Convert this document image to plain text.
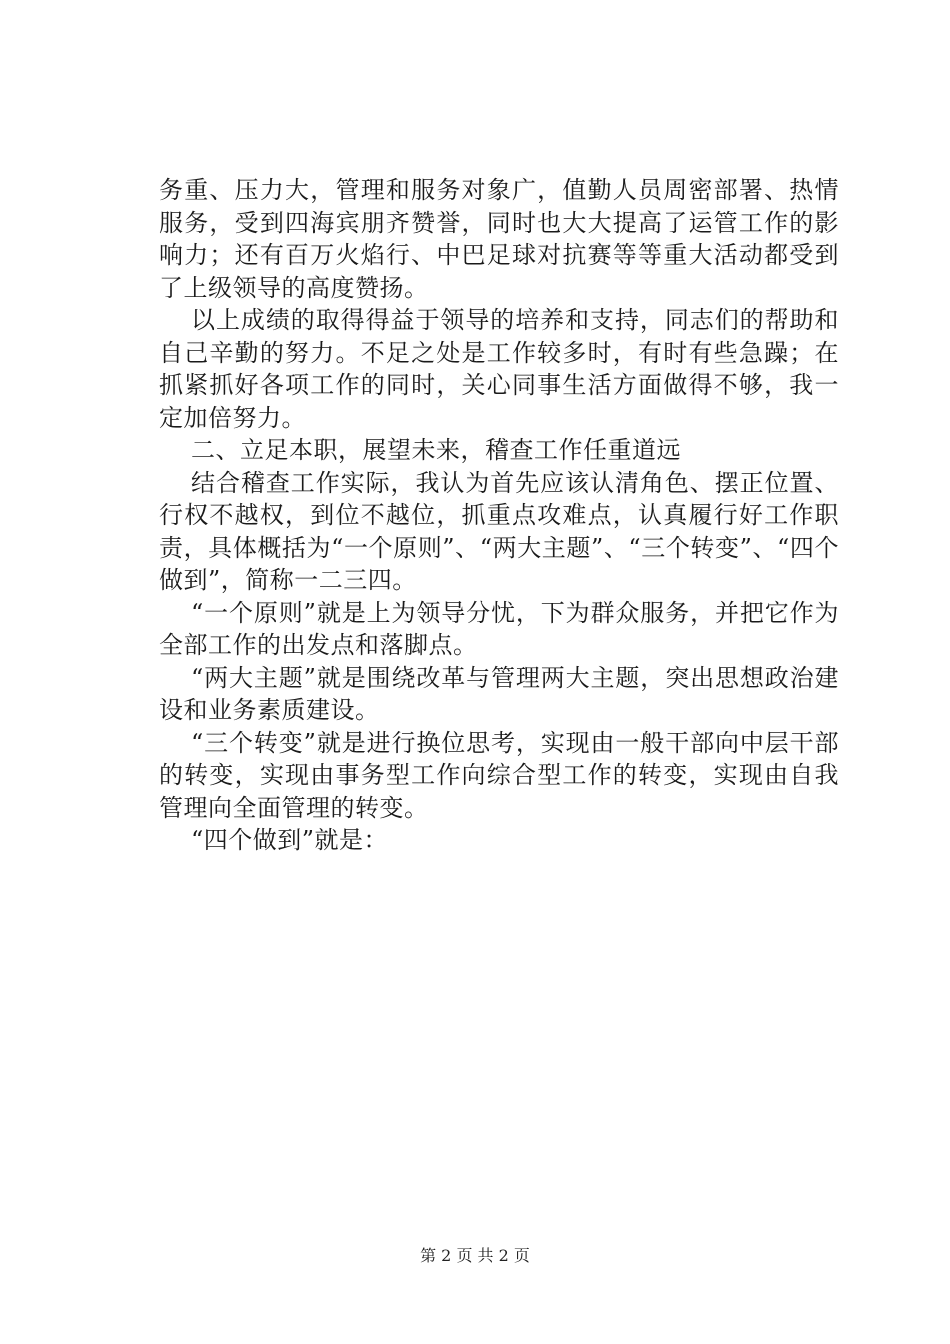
务重、压力大，管理和服务对象广，值勤人员周密部署、热情服务，受到四海宾朋齐赞誉，同时也大大提高了运管工作的影响力；还有百万火焰行、中巴足球对抗赛等等重大活动都受到了上级领导的高度赞扬。

以上成绩的取得得益于领导的培养和支持，同志们的帮助和自己辛勤的努力。不足之处是工作较多时，有时有些急躁；在抓紧抓好各项工作的同时，关心同事生活方面做得不够，我一定加倍努力。

二、立足本职，展望未来，稽查工作任重道远

结合稽查工作实际，我认为首先应该认清角色、摆正位置、行权不越权，到位不越位，抓重点攻难点，认真履行好工作职责，具体概括为“一个原则”、“两大主题”、“三个转变”、“四个做到”，简称一二三四。

“一个原则”就是上为领导分忧，下为群众服务，并把它作为全部工作的出发点和落脚点。

“两大主题”就是围绕改革与管理两大主题，突出思想政治建设和业务素质建设。

“三个转变”就是进行换位思考，实现由一般干部向中层干部的转变，实现由事务型工作向综合型工作的转变，实现由自我管理向全面管理的转变。

“四个做到”就是：

第 2 页 共 2 页
